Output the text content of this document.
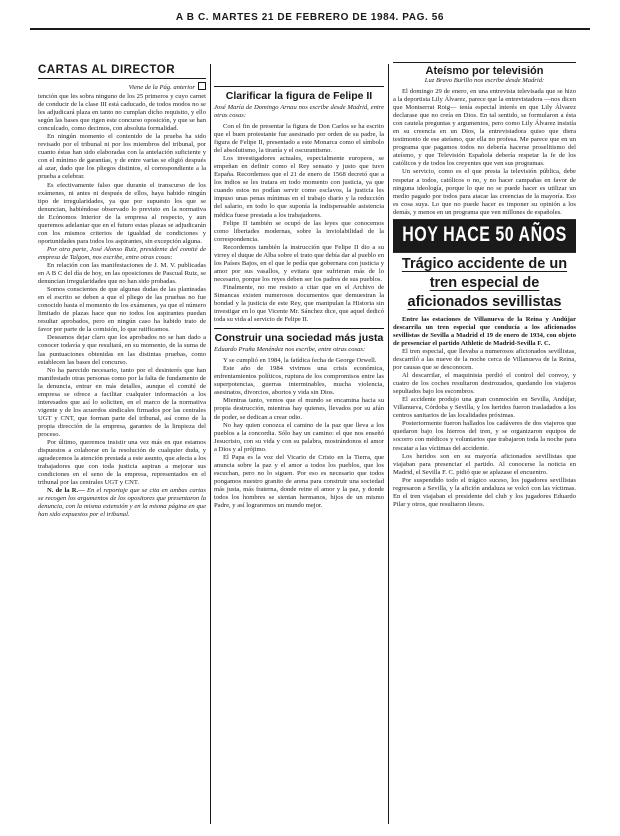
A B C. MARTES 21 DE FEBRERO DE 1984. PAG. 56
CARTAS AL DIRECTOR
Viene de la Pág. anterior

tención que les sobra ninguno de los 25 primeros y cuyo carnet de conducir de la clase III está caducado, de todos modos no se les adjudicará plaza en tanto no cumplan dicho requisito, y ello según las bases que rigen este concurso oposición, y que se han conculcado, como decimos, con absoluta formalidad.

En ningún momento el contenido de la prueba ha sido revisado por el tribunal ni por los miembros del tribunal, por cuanto éstas han sido elaboradas con la antelación suficiente y con el mínimo de garantías, y de entre varias se eligió después al azar, dado que los pliegos distintos, el correspondiente a la prueba a celebrar.

Es efectivamente falso que durante el transcurso de los exámenes, ni antes ni después de ellos, haya habido ningún tipo de irregularidades, ya que por supuesto los que se denuncian, habiéndose observado lo previsto en la normativa de Ecónomos Interior de la empresa al respecto, y aun queremos adelantar que en el futuro estas plazas se adjudicarán con los mismos criterios de igualdad de condiciones y oportunidades para todos los aspirantes, sin excepción alguna.

Por otra parte, José Alonso Ruiz, presidente del comité de empresa de Talgom, nos escribe, entre otras cosas:

En relación con las manifestaciones de J. M. V. publicadas en A B C del día de hoy, en las oposiciones de Pascual Ruiz, se denuncian irregularidades que no han sido probadas.

Somos conscientes de que algunas dudas de las planteadas en el escrito se deben a que el pliego de las pruebas no fue conocido hasta el momento de los exámenes, ya que el número limitado de plazas hace que no todos los aspirantes puedan resultar aprobados, pero en ningún caso ha habido trato de favor por parte de la comisión, lo que ratificamos.

Deseamos dejar claro que los aprobados no se han dado a conocer todavía y que resultará, en su momento, de la suma de las puntuaciones obtenidas en las distintas pruebas, como establecen las bases del concurso.

No ha parecido necesario, tanto por el desinterés que han manifestado otras personas como por la falta de fundamento de la denuncia, entrar en más detalles, aunque el comité de empresa se ofrece a facilitar cualquier información a los interesados que así lo soliciten, en el marco de la normativa vigente y de los acuerdos sindicales firmados por las centrales UGT y CNT, que forman parte del tribunal, así como de la propia dirección de la empresa, garantes de la limpieza del proceso.

Por último, queremos insistir una vez más en que estamos dispuestos a colaborar en la resolución de cualquier duda, y agradecemos la atención prestada a este asunto, que afecta a los trabajadores que con toda justicia aspiran a mejorar sus condiciones en el seno de la empresa, representados en el tribunal por las centrales UGT y CNT.

N. de la R.— En el reportaje que se cita en ambas cartas se recogen los argumentos de los opositores que presentaron la denuncia, con la misma extensión y en la misma página en que han sido expuestos por el tribunal.

Clarificar la figura de Felipe II
José María de Domingo Arnau nos escribe desde Madrid, entre otras cosas:

Con el fin de presentar la figura de Don Carlos se ha escrito que el buen protestante fue asesinado por orden de su padre, la figura de Felipe II, presentado a este Monarca como el símbolo del absolutismo, la tiranía y el oscurantismo.

Los investigadores actuales, especialmente europeos, se empeñan en definir como el Rey sensato y justo que tuvo España. Recordemos que el 21 de enero de 1568 decretó que a los indios se les tratara en todo momento con justicia, ya que cuando estos no podían servir como esclavos, la justicia les impuso unas penas mínimas en el trabajo diario y la reducción del salario, en todo lo que suponía la indispensable asistencia médica fuese prestada a los trabajadores.

Felipe II también se ocupó de las leyes que conocemos como libertades modernas, sobre la inviolabilidad de la correspondencia.

Recordemos también la instrucción que Felipe II dio a su virrey el duque de Alba sobre el trato que debía dar al pueblo en los Países Bajos, en el que le pedía que gobernara con justicia y amor por sus vasallos, y evitara que sufrieran más de lo necesario, porque los reyes deben ser los padres de sus pueblos.

Finalmente, no me resisto a citar que en el Archivo de Simancas existen numerosos documentos que demuestran la bondad y la justicia de este Rey, que manipulan la Historia sin investigar en lo que Vicente Mr. Sánchez dice, que aquel dedicó toda su vida al servicio de Felipe II.

Construir una sociedad más justa
Eduardo Pruña Menéndez nos escribe, entre otras cosas:

Y se cumplió en 1984, la fatídica fecha de George Orwell.

Este año de 1984 vivimos una crisis económica, enfrentamientos políticos, ruptura de los compromisos entre las superpotencias, guerras interminables, mucha violencia, asesinatos, divorcios, abortos y vida sin Dios.

Mientras tanto, vemos que el mundo se encamina hacia su propia destrucción, mientras hay quienes, llevados por su afán de poder, se dedican a crear odio.

No hay quien conozca el camino de la paz que lleva a los pueblos a la concordia. Sólo hay un camino: el que nos enseñó Jesucristo, con su vida y con su palabra, mostrándonos el amor a Dios y al prójimo.

El Papa es la voz del Vicario de Cristo en la Tierra, que anuncia sobre la paz y el amor a todos los pueblos, que los escuchan, pero no lo siguen. Por eso es necesario que todos pongamos nuestro granito de arena para construir una sociedad más justa, más fraterna, donde reine el amor y la paz, y donde todos los hombres se sientan hermanos, hijos de un mismo Padre, y así lograremos un mundo mejor.

Ateísmo por televisión
Luz Bravo Burillo nos escribe desde Madrid:

El domingo 29 de enero, en una entrevista televisada que se hizo a la deportista Lily Álvarez, parece que la entrevistadora —nos dicen que Montserrat Roig— tenía especial interés en que Lily Álvarez declarase que no creía en Dios. En tal sentido, se formularon a ésta con cautela preguntas y argumentos, pero como Lily Álvarez insistía en su creencia en un Dios, la entrevistadora quiso que diera testimonio de ese ateísmo, que ella no profesa. Me parece que en un programa que pagamos todos no debería hacerse proselitismo del ateísmo, y que Televisión Española debería respetar la fe de los católicos y de todos los creyentes que ven sus programas.

Un servicio, como es el que presta la televisión pública, debe respetar a todos, católicos o no, y no hacer campañas en favor de ninguna ideología, porque lo que no se puede hacer es utilizar un medio pagado por todos para atacar las creencias de la mayoría. Eso es cosa suya. Lo que no puede hacer es imponer su opinión a los demás, y menos en un programa que ven millones de españoles.

HOY HACE 50 AÑOS
Trágico accidente de un tren especial de aficionados sevillistas

Entre las estaciones de Villanueva de la Reina y Andújar descarrila un tren especial que conducía a los aficionados sevillistas de Sevilla a Madrid el 19 de enero de 1934, con objeto de presenciar el partido Athletic de Madrid-Sevilla F. C.

El tren especial, que llevaba a numerosos aficionados sevillistas, descarriló a las nueve de la noche cerca de Villanueva de la Reina, por causas que se desconocen.

Al descarrilar, el maquinista perdió el control del convoy, y cuatro de los coches resultaron destrozados, quedando los viajeros sepultados bajo los escombros.

El accidente produjo una gran conmoción en Sevilla, Andújar, Villanueva, Córdoba y Sevilla, y los heridos fueron trasladados a los centros sanitarios de las localidades próximas.

Posteriormente fueron hallados los cadáveres de dos viajeros que quedaron bajo los hierros del tren, y se organizaron equipos de socorro con médicos y voluntarios que trabajaron toda la noche para rescatar a las víctimas del accidente.

Los heridos son en su mayoría aficionados sevillistas que viajaban para presenciar el partido. Al conocerse la noticia en Madrid, el Sevilla F. C. pidió que se aplazase el encuentro.

Por suspendido todo el trágico suceso, los jugadores sevillistas regresaron a Sevilla, y la afición andaluza se volcó con las víctimas. En el tren viajaban el presidente del club y los jugadores Eduardo Pilar y otros, que resultaron ilesos.
